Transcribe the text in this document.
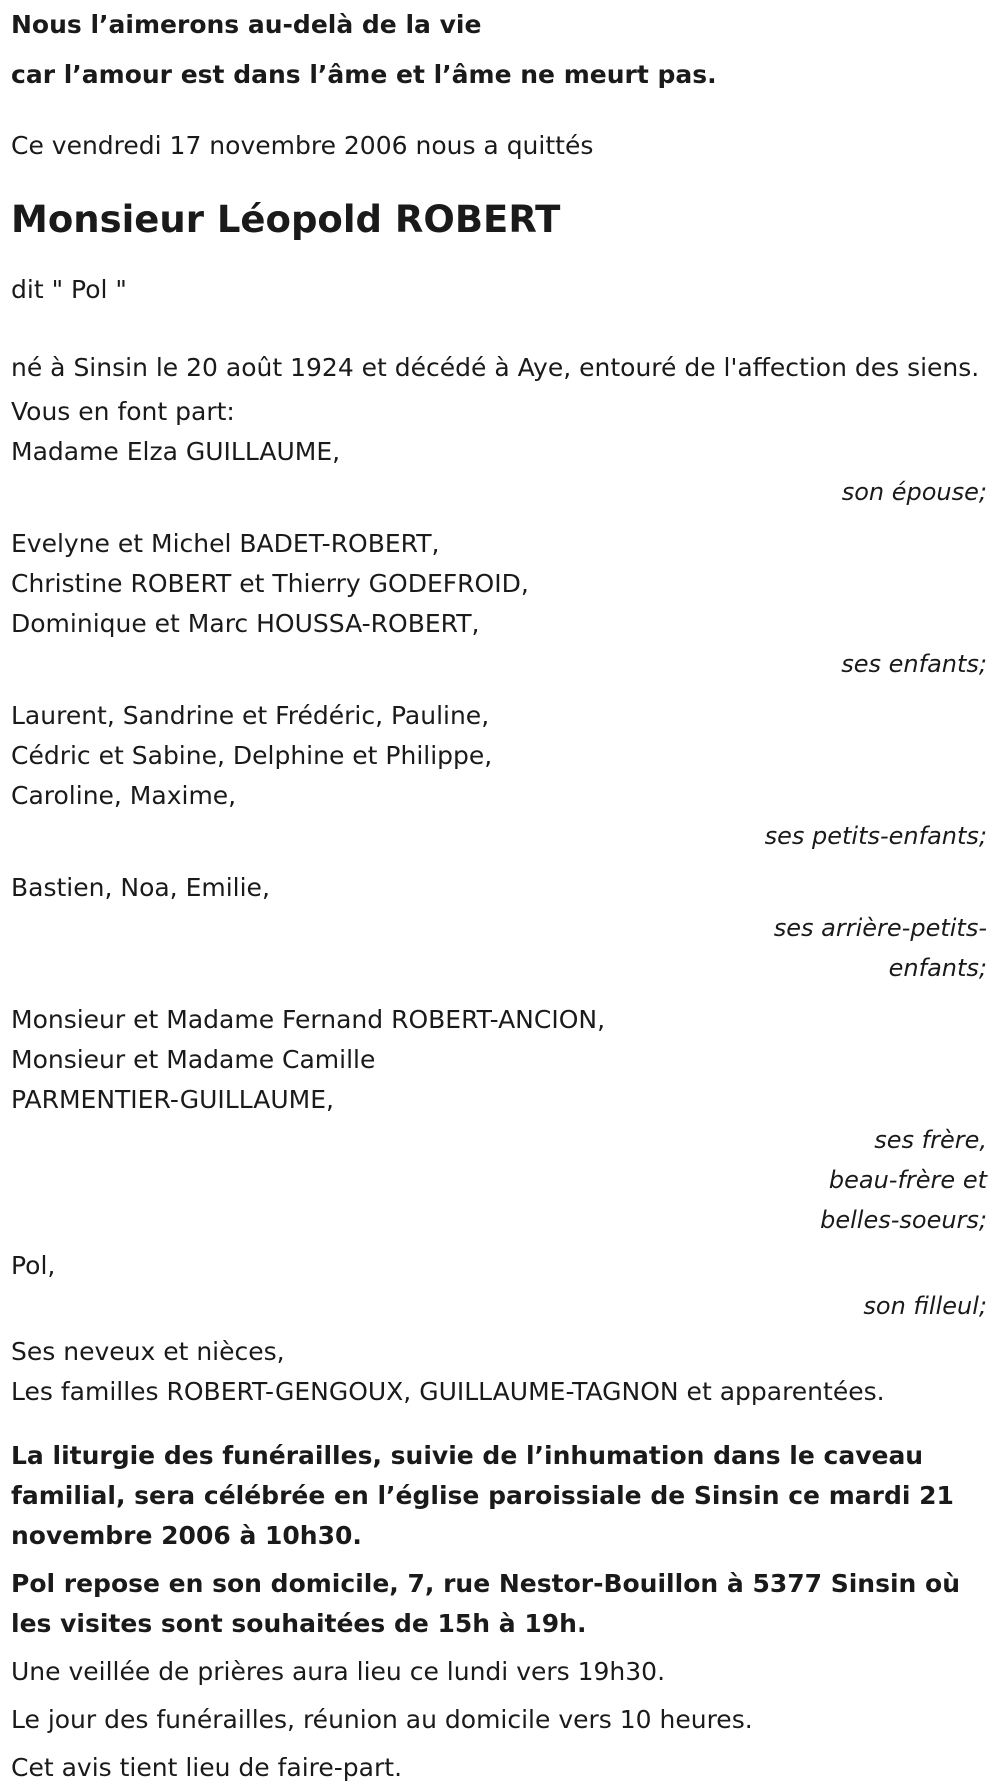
Nous l’aimerons au-delà de la vie
car l’amour est dans l’âme et l’âme ne meurt pas.
Ce vendredi 17 novembre 2006 nous a quittés
Monsieur Léopold ROBERT
dit " Pol "
né à Sinsin le 20 août 1924 et décédé à Aye, entouré de l'affection des siens.
Vous en font part:
Madame Elza GUILLAUME,
son épouse;
Evelyne et Michel BADET-ROBERT,
Christine ROBERT et Thierry GODEFROID,
Dominique et Marc HOUSSA-ROBERT,
ses enfants;
Laurent, Sandrine et Frédéric, Pauline,
Cédric et Sabine, Delphine et Philippe,
Caroline, Maxime,
ses petits-enfants;
Bastien, Noa, Emilie,
ses arrière-petits-
enfants;
Monsieur et Madame Fernand ROBERT-ANCION,
Monsieur et Madame Camille
PARMENTIER-GUILLAUME,
ses frère,
beau-frère et
belles-soeurs;
Pol,
son filleul;
Ses neveux et nièces,
Les familles ROBERT-GENGOUX, GUILLAUME-TAGNON et apparentées.
La liturgie des funérailles, suivie de l’inhumation dans le caveau familial, sera célébrée en l’église paroissiale de Sinsin ce mardi 21 novembre 2006 à 10h30.
Pol repose en son domicile, 7, rue Nestor-Bouillon à 5377 Sinsin où les visites sont souhaitées de 15h à 19h.
Une veillée de prières aura lieu ce lundi vers 19h30.
Le jour des funérailles, réunion au domicile vers 10 heures.
Cet avis tient lieu de faire-part.
